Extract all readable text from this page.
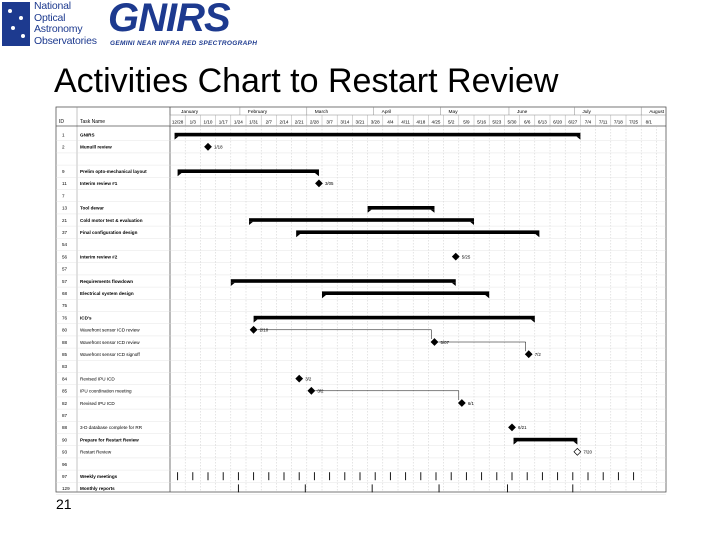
National
Optical
Astronomy
Observatories
GNIRS
GEMINI NEAR INFRA RED SPECTROGRAPH
Activities Chart to Restart Review
ID	Task Name
January	February	March	April	May	June	July	August
12/28 1/3 1/10 1/17 1/24 1/31 2/7 2/14 2/21 2/28 3/7 3/14 3/21 3/28 4/4 4/11 4/18 4/25 5/2 5/9 5/16 5/23 5/30 6/6 6/13 6/20 6/27 7/4 7/11 7/18 7/25 8/1
1	GNIRS
2	Munuill review	1/18
9	Prelim opto-mechanical layout
11	Interim review #1	3/05
7
13	Tool dewar
21	Cold motor test & evaluation
37	Final configuration design
54
56	Interim review #2	5/25
57
57	Requirements flowdown
68	Electrical system design
75
76	ICD's
80	Wavefront sensor ICD review	2/10
88	Wavefront sensor ICD review	5/07
85	Wavefront sensor ICD signoff	7/2
83
84	Revised IPU ICD	3/2
85	IPU coordination meeting	3/2
82	Revised IPU ICD	6/1
87
88	3-D database complete for RR	6/21
90	Prepare for Restart Review
93	Restart Review	7/20
96
97	Weekly meetings
129 Monthly reports
21
